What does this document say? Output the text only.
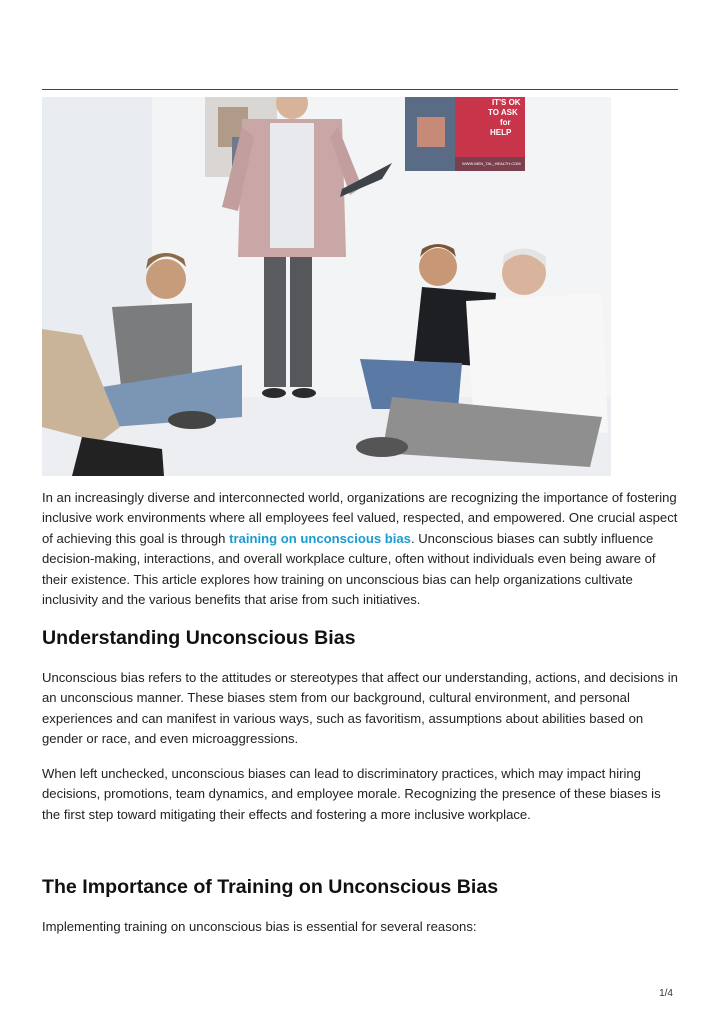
IT'S OK
TO ASK
for
HELP
WWW.MEN_TAL_HEALTH.COM

In an increasingly diverse and interconnected world, organizations are recognizing the importance of fostering inclusive work environments where all employees feel valued, respected, and empowered. One crucial aspect of achieving this goal is through training on unconscious bias. Unconscious biases can subtly influence decision-making, interactions, and overall workplace culture, often without individuals even being aware of their existence. This article explores how training on unconscious bias can help organizations cultivate inclusivity and the various benefits that arise from such initiatives.

Understanding Unconscious Bias

Unconscious bias refers to the attitudes or stereotypes that affect our understanding, actions, and decisions in an unconscious manner. These biases stem from our background, cultural environment, and personal experiences and can manifest in various ways, such as favoritism, assumptions about abilities based on gender or race, and even microaggressions.

When left unchecked, unconscious biases can lead to discriminatory practices, which may impact hiring decisions, promotions, team dynamics, and employee morale. Recognizing the presence of these biases is the first step toward mitigating their effects and fostering a more inclusive workplace.

The Importance of Training on Unconscious Bias

Implementing training on unconscious bias is essential for several reasons:

1/4
